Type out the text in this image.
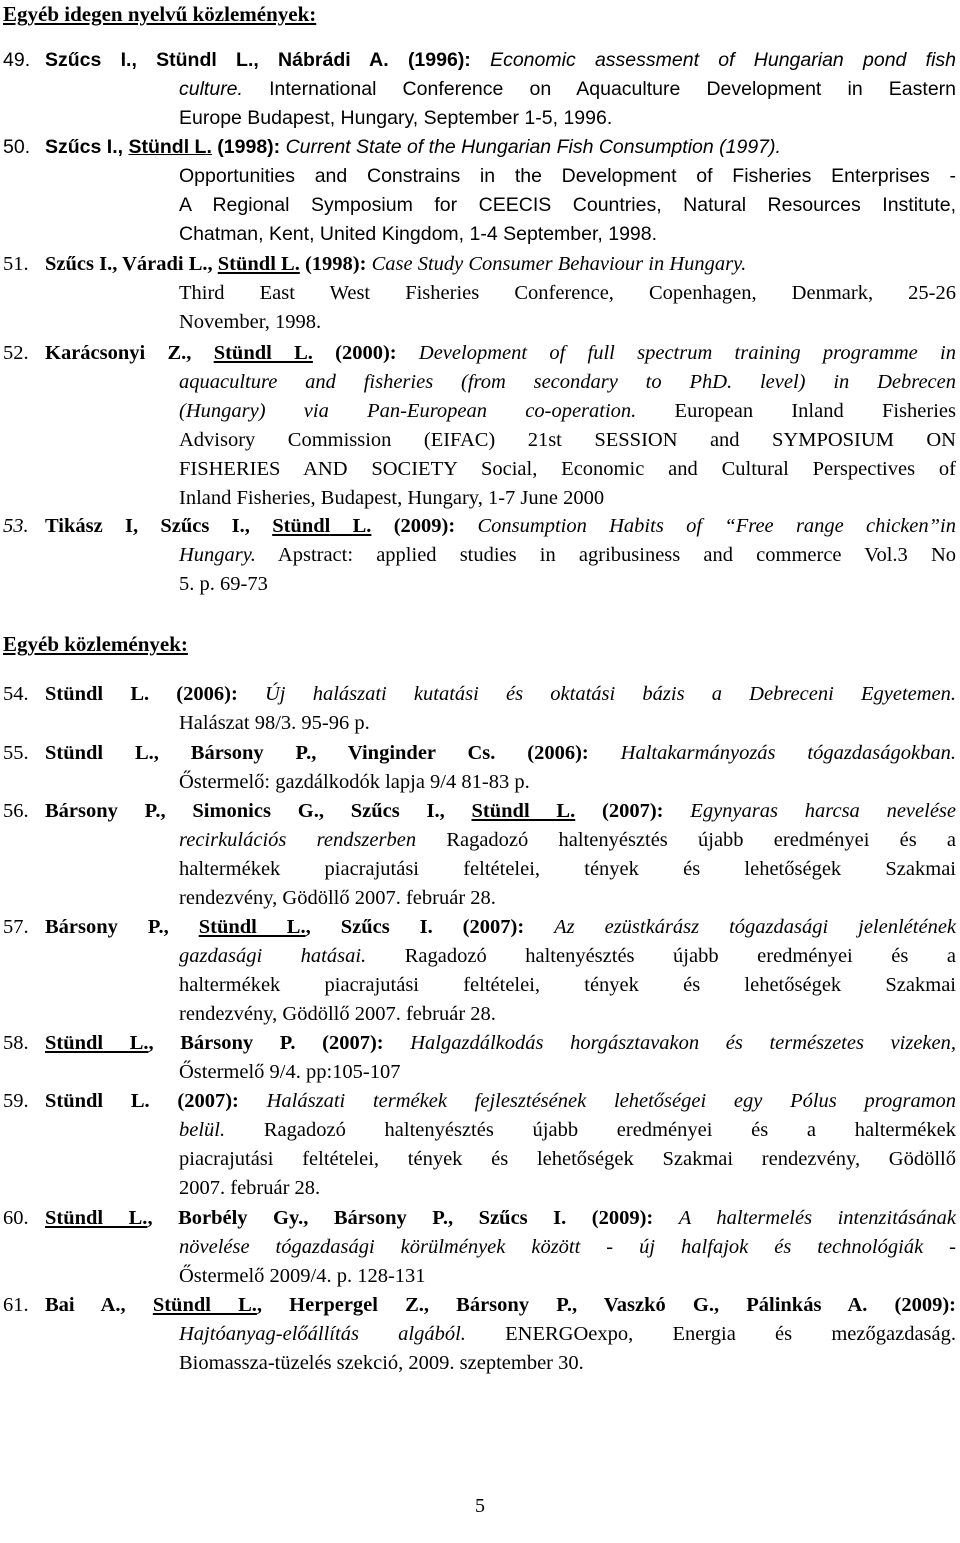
Egyéb idegen nyelvű közlemények:
49. Szűcs I., Stündl L., Nábrádi A. (1996): Economic assessment of Hungarian pond fish
culture. International Conference on Aquaculture Development in Eastern
Europe Budapest, Hungary, September 1-5, 1996.
50. Szűcs I., Stündl L. (1998): Current State of the Hungarian Fish Consumption (1997).
Opportunities and Constrains in the Development of Fisheries Enterprises -
A Regional Symposium for CEECIS Countries, Natural Resources Institute,
Chatman, Kent, United Kingdom, 1-4 September, 1998.
51. Szűcs I., Váradi L., Stündl L. (1998): Case Study Consumer Behaviour in Hungary.
Third East West Fisheries Conference, Copenhagen, Denmark, 25-26
November, 1998.
52. Karácsonyi Z., Stündl L. (2000): Development of full spectrum training programme in
aquaculture and fisheries (from secondary to PhD. level) in Debrecen
(Hungary) via Pan-European co-operation. European Inland Fisheries
Advisory Commission (EIFAC) 21st SESSION and SYMPOSIUM ON
FISHERIES AND SOCIETY Social, Economic and Cultural Perspectives of
Inland Fisheries, Budapest, Hungary, 1-7 June 2000
53. Tikász I, Szűcs I., Stündl L. (2009): Consumption Habits of “Free range chicken”in
Hungary. Apstract: applied studies in agribusiness and commerce Vol.3 No
5. p. 69-73
Egyéb közlemények:
54. Stündl L. (2006): Új halászati kutatási és oktatási bázis a Debreceni Egyetemen.
Halászat 98/3. 95-96 p.
55. Stündl L., Bársony P., Vinginder Cs. (2006): Haltakarmányozás tógazdaságokban.
Őstermelő: gazdálkodók lapja 9/4 81-83 p.
56. Bársony P., Simonics G., Szűcs I., Stündl L. (2007): Egynyaras harcsa nevelése
recirkulációs rendszerben Ragadozó haltenyésztés újabb eredményei és a
haltermékek piacrajutási feltételei, tények és lehetőségek Szakmai
rendezvény, Gödöllő 2007. február 28.
57. Bársony P., Stündl L., Szűcs I. (2007): Az ezüstkárász tógazdasági jelenlétének
gazdasági hatásai. Ragadozó haltenyésztés újabb eredményei és a
haltermékek piacrajutási feltételei, tények és lehetőségek Szakmai
rendezvény, Gödöllő 2007. február 28.
58. Stündl L., Bársony P. (2007): Halgazdálkodás horgásztavakon és természetes vizeken,
Őstermelő 9/4. pp:105-107
59. Stündl L. (2007): Halászati termékek fejlesztésének lehetőségei egy Pólus programon
belül. Ragadozó haltenyésztés újabb eredményei és a haltermékek
piacrajutási feltételei, tények és lehetőségek Szakmai rendezvény, Gödöllő
2007. február 28.
60. Stündl L., Borbély Gy., Bársony P., Szűcs I. (2009): A haltermelés intenzitásának
növelése tógazdasági körülmények között - új halfajok és technológiák -
Őstermelő 2009/4. p. 128-131
61. Bai A., Stündl L., Herpergel Z., Bársony P., Vaszkó G., Pálinkás A. (2009):
Hajtóanyag-előállítás algából. ENERGOexpo, Energia és mezőgazdaság.
Biomassza-tüzelés szekció, 2009. szeptember 30.
5
